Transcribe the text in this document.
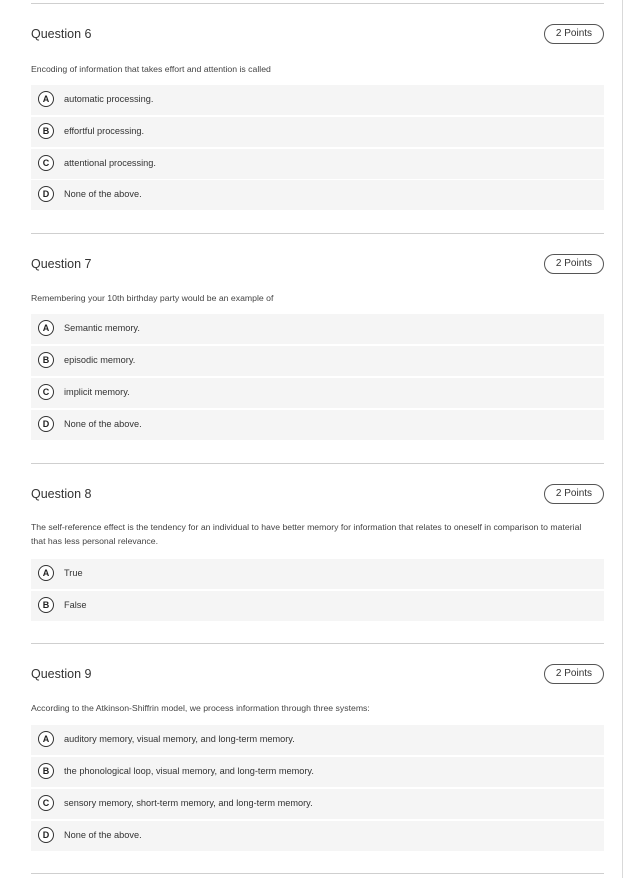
Question 6	2 Points
Encoding of information that takes effort and attention is called
A	automatic processing.
B	effortful processing.
C	attentional processing.
D	None of the above.
Question 7	2 Points
Remembering your 10th birthday party would be an example of
A	Semantic memory.
B	episodic memory.
C	implicit memory.
D	None of the above.
Question 8	2 Points
The self-reference effect is the tendency for an individual to have better memory for information that relates to oneself in comparison to material that has less personal relevance.
A	True
B	False
Question 9	2 Points
According to the Atkinson-Shiffrin model, we process information through three systems:
A	auditory memory, visual memory, and long-term memory.
B	the phonological loop, visual memory, and long-term memory.
C	sensory memory, short-term memory, and long-term memory.
D	None of the above.
